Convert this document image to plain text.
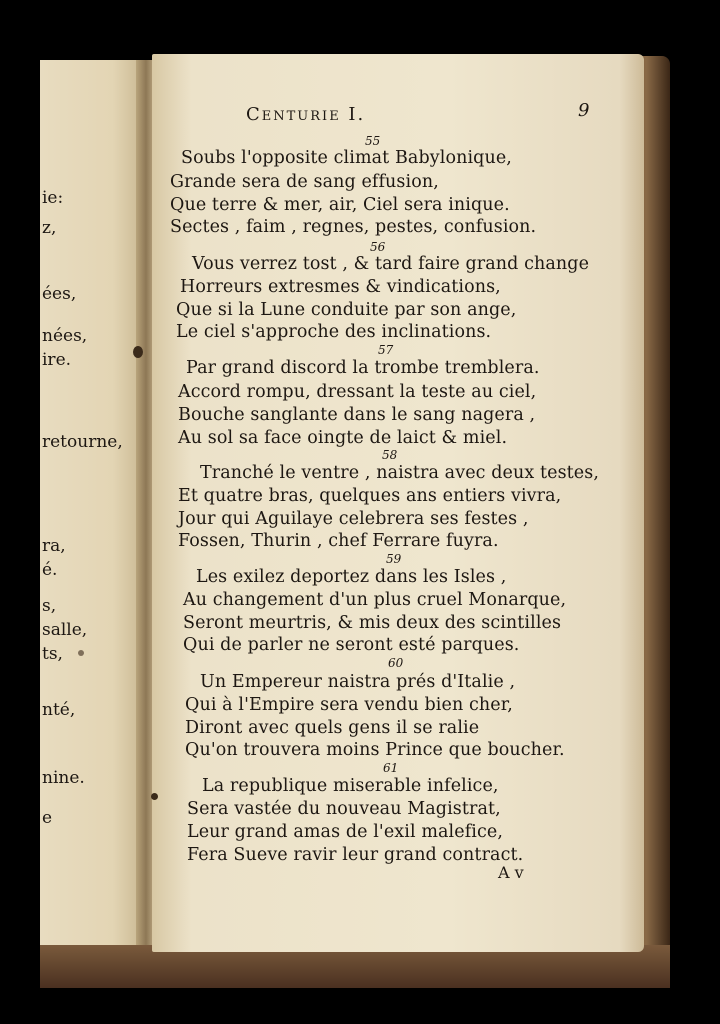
ie:
z,
ées,
nées,
ire.
retourne,
ra,
é.
s,
salle,
ts,
nté,
nine.
e
Centurie I.	9
55
Soubs l'opposite climat Babylonique,
Grande sera de sang effusion,
Que terre & mer, air, Ciel sera inique.
Sectes , faim , regnes, pestes, confusion.
56
Vous verrez tost , & tard faire grand change
Horreurs extresmes & vindications,
Que si la Lune conduite par son ange,
Le ciel s'approche des inclinations.
57
Par grand discord la trombe tremblera.
Accord rompu, dressant la teste au ciel,
Bouche sanglante dans le sang nagera ,
Au sol sa face oingte de laict & miel.
58
Tranché le ventre , naistra avec deux testes,
Et quatre bras, quelques ans entiers vivra,
Jour qui Aguilaye celebrera ses festes ,
Fossen, Thurin , chef Ferrare fuyra.
59
Les exilez deportez dans les Isles ,
Au changement d'un plus cruel Monarque,
Seront meurtris, & mis deux des scintilles
Qui de parler ne seront esté parques.
60
Un Empereur naistra prés d'Italie ,
Qui à l'Empire sera vendu bien cher,
Diront avec quels gens il se ralie
Qu'on trouvera moins Prince que boucher.
61
La republique miserable infelice,
Sera vastée du nouveau Magistrat,
Leur grand amas de l'exil malefice,
Fera Sueve ravir leur grand contract.
A v
